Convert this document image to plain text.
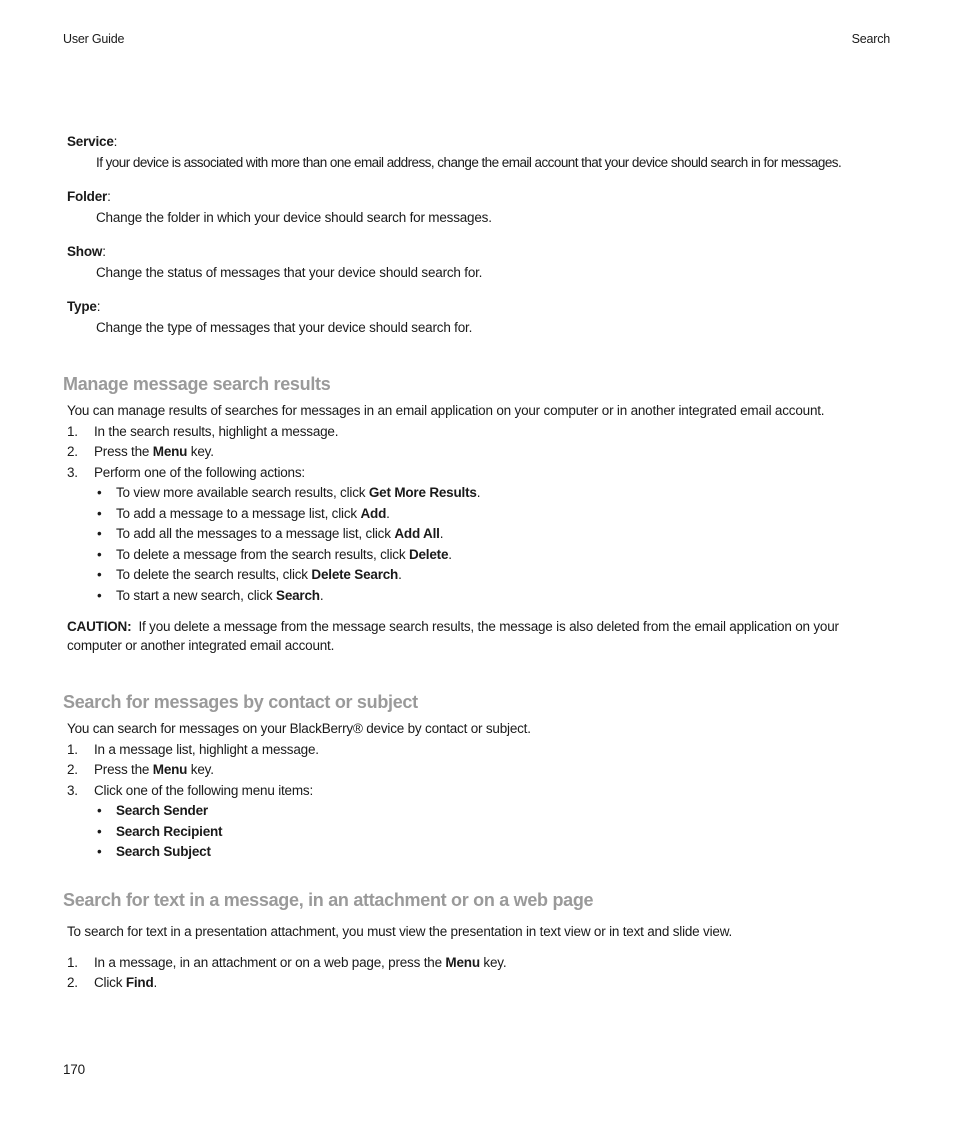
User Guide	Search
Service:
If your device is associated with more than one email address, change the email account that your device should search in for messages.
Folder:
Change the folder in which your device should search for messages.
Show:
Change the status of messages that your device should search for.
Type:
Change the type of messages that your device should search for.
Manage message search results

You can manage results of searches for messages in an email application on your computer or in another integrated email account.

1. In the search results, highlight a message.
2. Press the Menu key.
3. Perform one of the following actions:
• To view more available search results, click Get More Results.
• To add a message to a message list, click Add.
• To add all the messages to a message list, click Add All.
• To delete a message from the search results, click Delete.
• To delete the search results, click Delete Search.
• To start a new search, click Search.

CAUTION: If you delete a message from the message search results, the message is also deleted from the email application on your
computer or another integrated email account.

Search for messages by contact or subject

You can search for messages on your BlackBerry® device by contact or subject.

1. In a message list, highlight a message.
2. Press the Menu key.
3. Click one of the following menu items:
• Search Sender
• Search Recipient
• Search Subject
Search for text in a message, in an attachment or on a web page

To search for text in a presentation attachment, you must view the presentation in text view or in text and slide view.

1. In a message, in an attachment or on a web page, press the Menu key.
2. Click Find.
170
